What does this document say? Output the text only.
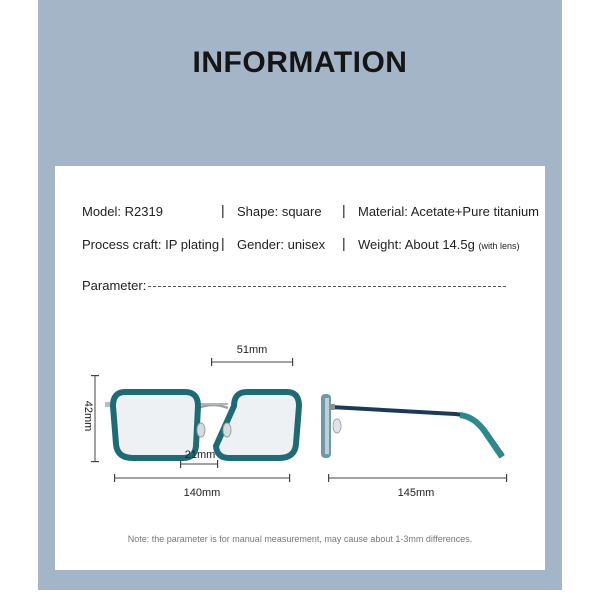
INFORMATION
Model: R2319	| Shape: square | Material: Acetate+Pure titanium
Process craft: IP plating | Gender: unisex | Weight: About 14.5g (with lens)
Parameter:
51mm
42mm
21mm
140mm	145mm
Note: the parameter is for manual measurement, may cause about 1-3mm differences.
